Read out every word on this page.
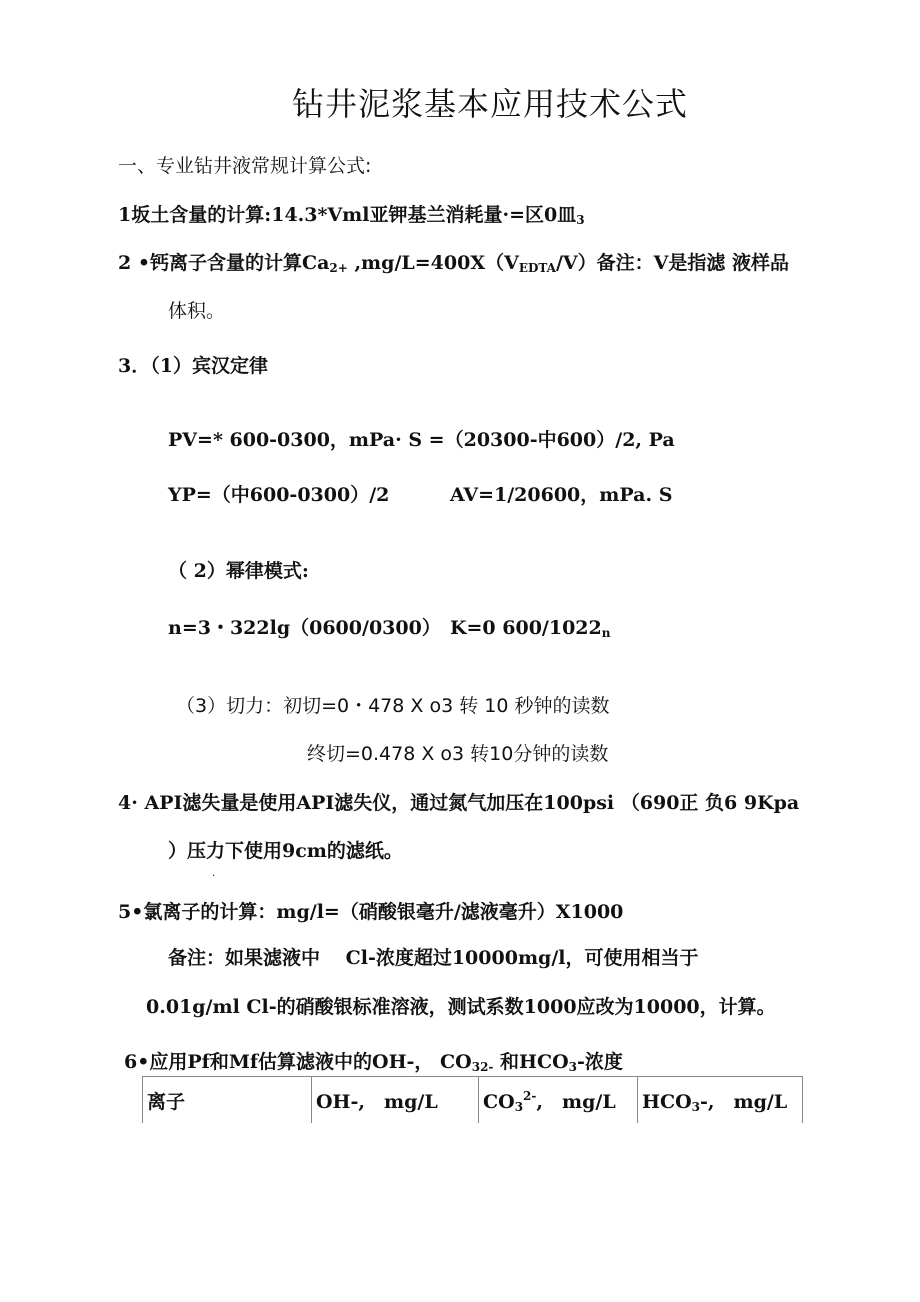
钻井泥浆基本应用技术公式
一、专业钻井液常规计算公式:
1坂土含量的计算:14.3*Vml亚钾基兰消耗量·=区0皿$_3$
2 •钙离子含量的计算$Ca_{2+}$ $,mg/L=400X(V_{EDTA}/V)$备注：V是指滤 液样品
体积。
3．（1）宾汉定律
PV=* 600-0300，mPa· S =（20300-中600）/2, Pa
YP=（中600-0300）/2	AV=1/20600，mPa. S
（ 2）幂律模式:
n=3・322lg（0600/0300） K=0 $600/1022_n$
（3）切力：初切=0・478 X o3 转 10 秒钟的读数
终切=0.478 X o3 转10分钟的读数
4· API滤失量是使用API滤失仪，通过氮气加压在100psi （690正 负6 9Kpa
）压力下使用9cm的滤纸。
.
5•氯离子的计算：mg/l=（硝酸银毫升/滤液毫升）X1000
备注：如果滤液中　 Cl-浓度超过10000mg/l，可使用相当于
0.01g/ml Cl-的硝酸银标准溶液，测试系数1000应改为10000，计算。
6•应用Pf和Mf估算滤液中的OH-， $CO_{32-}$ 和$HCO_3-$浓度
离子	OH-,　mg/L	$CO_3^{2-}$,　mg/L	$HCO_3-$,　mg/L
